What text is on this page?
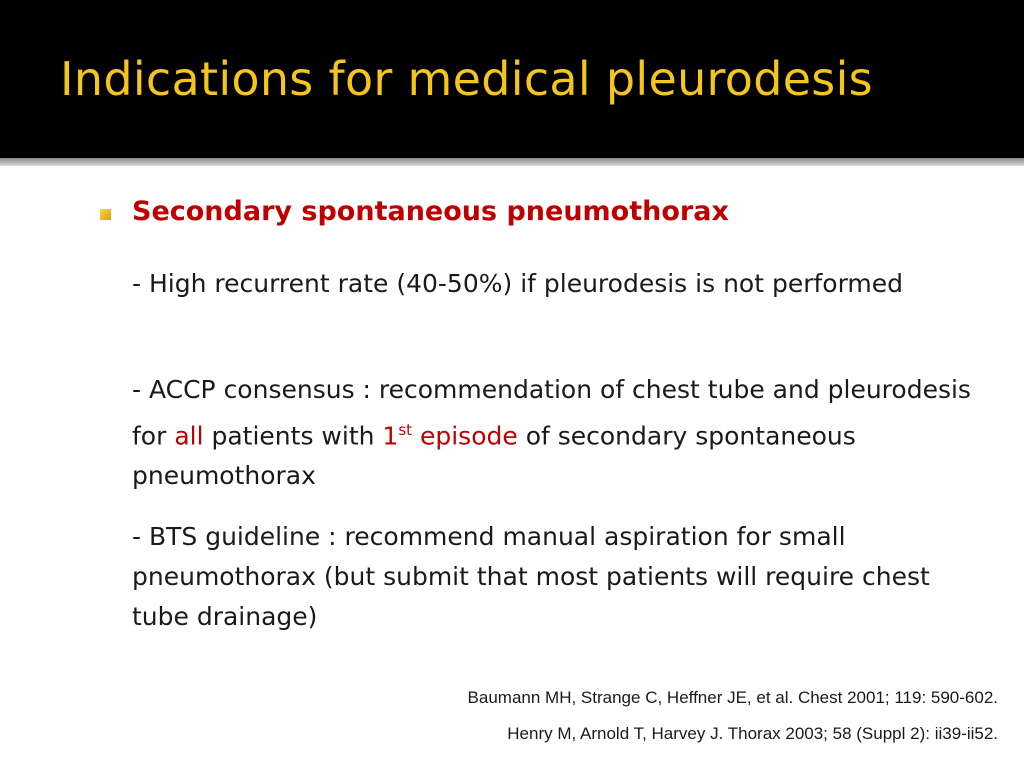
Indications for medical pleurodesis
Secondary spontaneous pneumothorax

- High recurrent rate (40-50%) if pleurodesis is not performed

- ACCP consensus : recommendation of chest tube and pleurodesis for all patients with 1st episode of secondary spontaneous pneumothorax

- BTS guideline : recommend manual aspiration for small pneumothorax (but submit that most patients will require chest tube drainage)

Baumann MH, Strange C, Heffner JE, et al. Chest 2001; 119: 590-602.

Henry M, Arnold T, Harvey J. Thorax 2003; 58 (Suppl 2): ii39-ii52.
